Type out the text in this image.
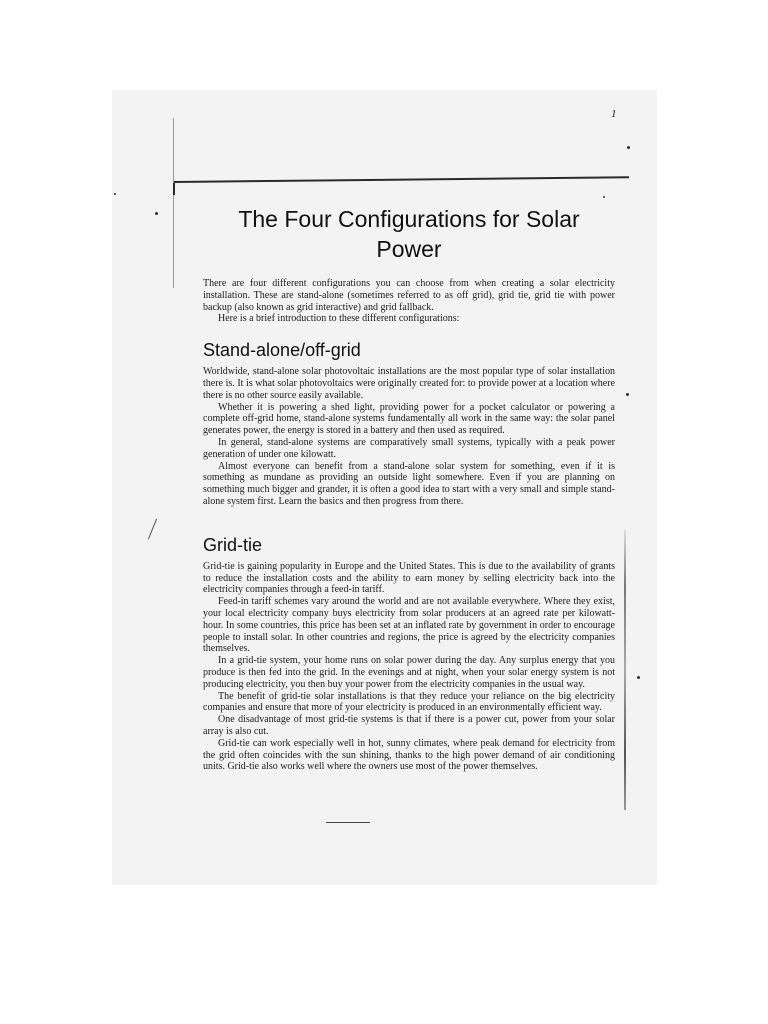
1
The Four Configurations for Solar Power

There are four different configurations you can choose from when creating a solar electricity installation. These are stand-alone (sometimes referred to as off grid), grid tie, grid tie with power backup (also known as grid interactive) and grid fallback.

Here is a brief introduction to these different configurations:

Stand-alone/off-grid

Worldwide, stand-alone solar photovoltaic installations are the most popular type of solar installation there is. It is what solar photovoltaics were originally created for: to provide power at a location where there is no other source easily available.

Whether it is powering a shed light, providing power for a pocket calculator or powering a complete off-grid home, stand-alone systems fundamentally all work in the same way: the solar panel generates power, the energy is stored in a battery and then used as required.

In general, stand-alone systems are comparatively small systems, typically with a peak power generation of under one kilowatt.

Almost everyone can benefit from a stand-alone solar system for something, even if it is something as mundane as providing an outside light somewhere. Even if you are planning on something much bigger and grander, it is often a good idea to start with a very small and simple stand-alone system first. Learn the basics and then progress from there.

Grid-tie

Grid-tie is gaining popularity in Europe and the United States. This is due to the availability of grants to reduce the installation costs and the ability to earn money by selling electricity back into the electricity companies through a feed-in tariff.

Feed-in tariff schemes vary around the world and are not available everywhere. Where they exist, your local electricity company buys electricity from solar producers at an agreed rate per kilowatt-hour. In some countries, this price has been set at an inflated rate by government in order to encourage people to install solar. In other countries and regions, the price is agreed by the electricity companies themselves.

In a grid-tie system, your home runs on solar power during the day. Any surplus energy that you produce is then fed into the grid. In the evenings and at night, when your solar energy system is not producing electricity, you then buy your power from the electricity companies in the usual way.

The benefit of grid-tie solar installations is that they reduce your reliance on the big electricity companies and ensure that more of your electricity is produced in an environmentally efficient way.

One disadvantage of most grid-tie systems is that if there is a power cut, power from your solar array is also cut.

Grid-tie can work especially well in hot, sunny climates, where peak demand for electricity from the grid often coincides with the sun shining, thanks to the high power demand of air conditioning units. Grid-tie also works well where the owners use most of the power themselves.
